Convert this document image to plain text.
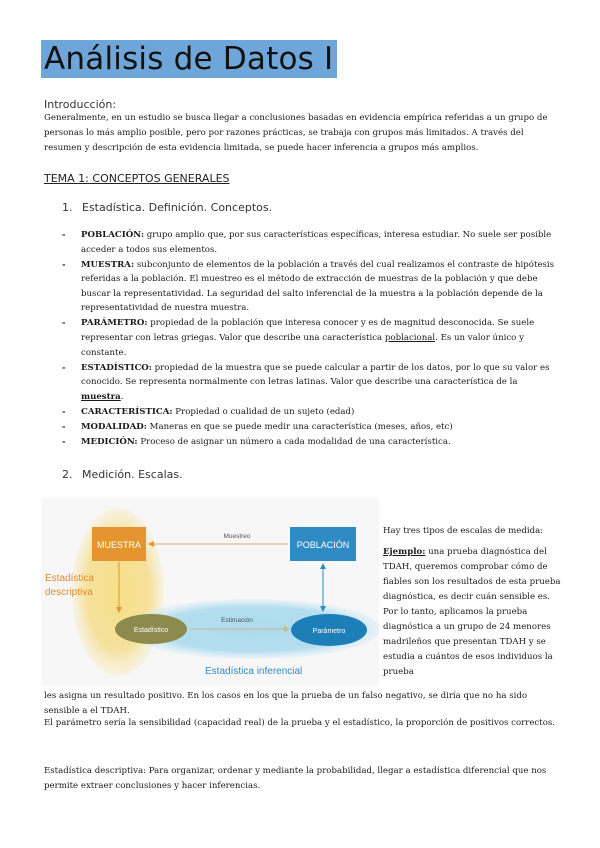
Análisis de Datos I
Introducción:
Generalmente, en un estudio se busca llegar a conclusiones basadas en evidencia empírica referidas a un grupo de personas lo más amplio posible, pero por razones prácticas, se trabaja con grupos más limitados. A través del resumen y descripción de esta evidencia limitada, se puede hacer inferencia a grupos más amplios.
TEMA 1: CONCEPTOS GENERALES
1. Estadística. Definición. Conceptos.
- POBLACIÓN: grupo amplio que, por sus características específicas, interesa estudiar. No suele ser posible acceder a todos sus elementos.
- MUESTRA: subconjunto de elementos de la población a través del cual realizamos el contraste de hipótesis referidas a la población. El muestreo es el método de extracción de muestras de la población y que debe buscar la representatividad. La seguridad del salto inferencial de la muestra a la población depende de la representatividad de nuestra muestra.
- PARÁMETRO: propiedad de la población que interesa conocer y es de magnitud desconocida. Se suele representar con letras griegas. Valor que describe una característica poblacional. Es un valor único y constante.
- ESTADÍSTICO: propiedad de la muestra que se puede calcular a partir de los datos, por lo que su valor es conocido. Se representa normalmente con letras latinas. Valor que describe una característica de la muestra.
- CARACTERÍSTICA: Propiedad o cualidad de un sujeto (edad)
- MODALIDAD: Maneras en que se puede medir una característica (meses, años, etc)
- MEDICIÓN: Proceso de asignar un número a cada modalidad de una característica.
2. Medición. Escalas.
MUESTRA	POBLACIÓN
Muestreo
Estadístico	Parámetro
Estimación
Estadística
descriptiva
Estadística inferencial
Hay tres tipos de escalas de medida:
Ejemplo: una prueba diagnóstica del TDAH, queremos comprobar cómo de fiables son los resultados de esta prueba diagnóstica, es decir cuán sensible es. Por lo tanto, aplicamos la prueba diagnóstica a un grupo de 24 menores madrileños que presentan TDAH y se estudia a cuántos de esos individuos la prueba
les asigna un resultado positivo. En los casos en los que la prueba de un falso negativo, se diría que no ha sido sensible a el TDAH.
El parámetro sería la sensibilidad (capacidad real) de la prueba y el estadístico, la proporción de positivos correctos.
Estadística descriptiva: Para organizar, ordenar y mediante la probabilidad, llegar a estadística diferencial que nos permite extraer conclusiones y hacer inferencias.
